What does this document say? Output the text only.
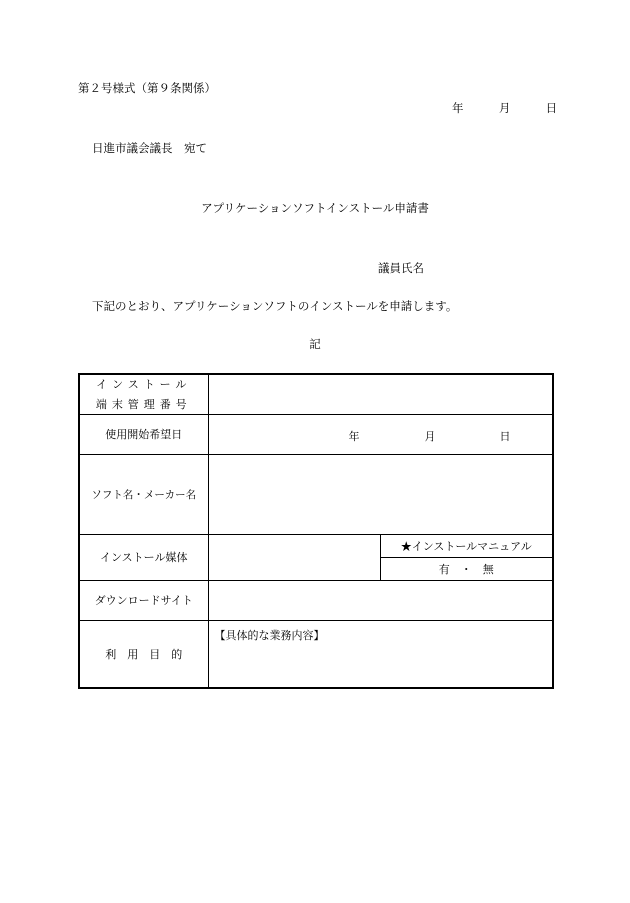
第２号様式（第９条関係）
年	月	日
日進市議会議長　宛て
アプリケーションソフトインストール申請書
議員氏名
下記のとおり、アプリケーションソフトのインストールを申請します。
記
インストール
端末管理番号		

使用開始希望日	年 月 日	

ソフト名・メーカー名		
インストール媒体		★インストールマニュアル
		有　・　無
ダウンロードサイト		
利　用　目　的	【具体的な業務内容】	
